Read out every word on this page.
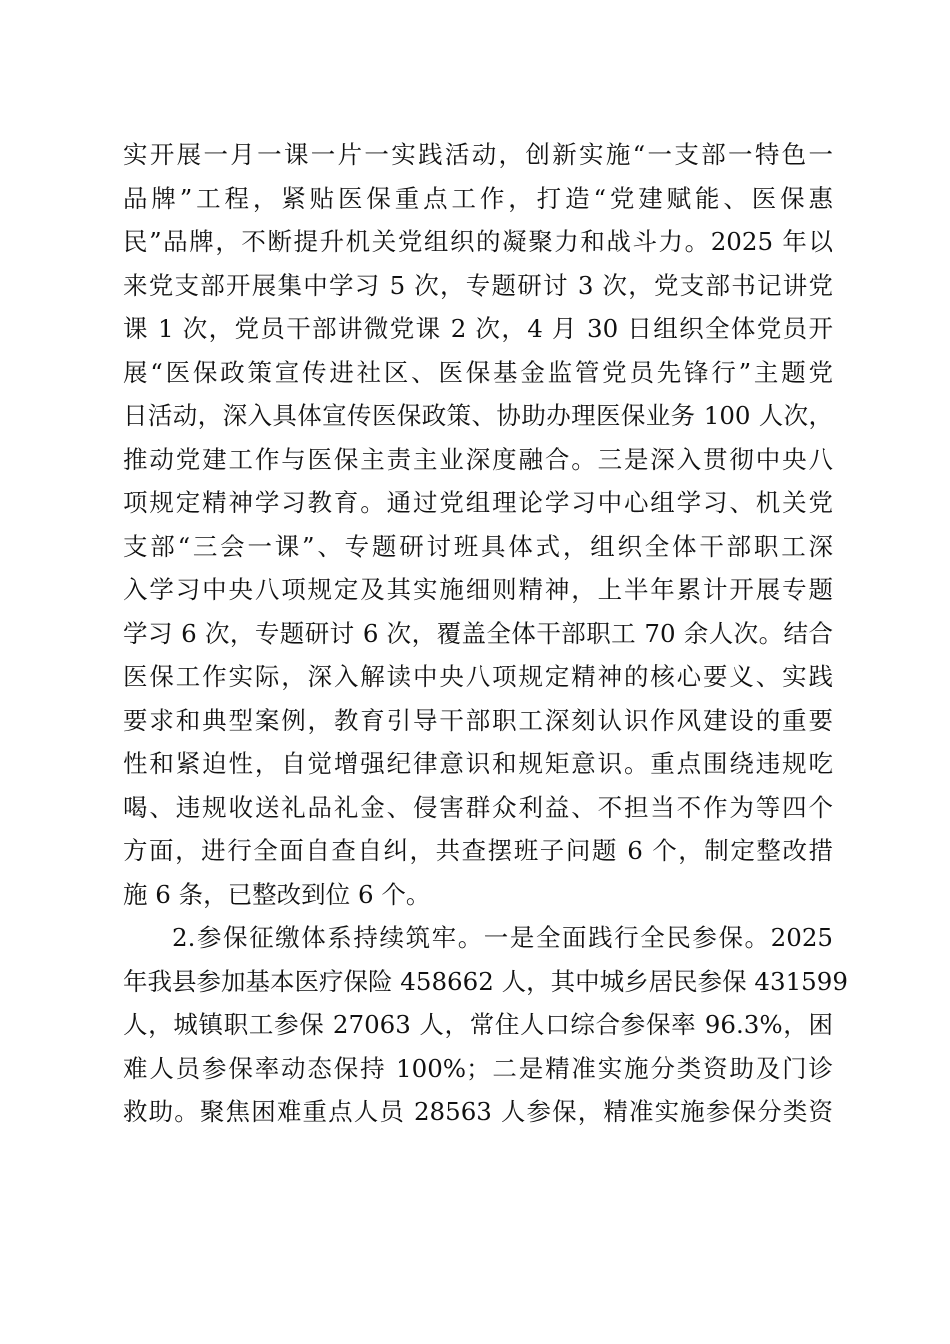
实开展一月一课一片一实践活动，创新实施“一支部一特色一
品牌”工程，紧贴医保重点工作，打造“党建赋能、医保惠
民”品牌，不断提升机关党组织的凝聚力和战斗力。2025 年以
来党支部开展集中学习 5 次，专题研讨 3 次，党支部书记讲党
课 1 次，党员干部讲微党课 2 次，4 月 30 日组织全体党员开
展“医保政策宣传进社区、医保基金监管党员先锋行”主题党
日活动，深入具体宣传医保政策、协助办理医保业务 100 人次，
推动党建工作与医保主责主业深度融合。三是深入贯彻中央八
项规定精神学习教育。通过党组理论学习中心组学习、机关党
支部“三会一课”、专题研讨班具体式，组织全体干部职工深
入学习中央八项规定及其实施细则精神，上半年累计开展专题
学习 6 次，专题研讨 6 次，覆盖全体干部职工 70 余人次。结合
医保工作实际，深入解读中央八项规定精神的核心要义、实践
要求和典型案例，教育引导干部职工深刻认识作风建设的重要
性和紧迫性，自觉增强纪律意识和规矩意识。重点围绕违规吃
喝、违规收送礼品礼金、侵害群众利益、不担当不作为等四个
方面，进行全面自查自纠，共查摆班子问题 6 个，制定整改措
施 6 条，已整改到位 6 个。
2.参保征缴体系持续筑牢。一是全面践行全民参保。2025
年我县参加基本医疗保险 458662 人，其中城乡居民参保 431599
人，城镇职工参保 27063 人，常住人口综合参保率 96.3%，困
难人员参保率动态保持 100%；二是精准实施分类资助及门诊
救助。聚焦困难重点人员 28563 人参保，精准实施参保分类资
